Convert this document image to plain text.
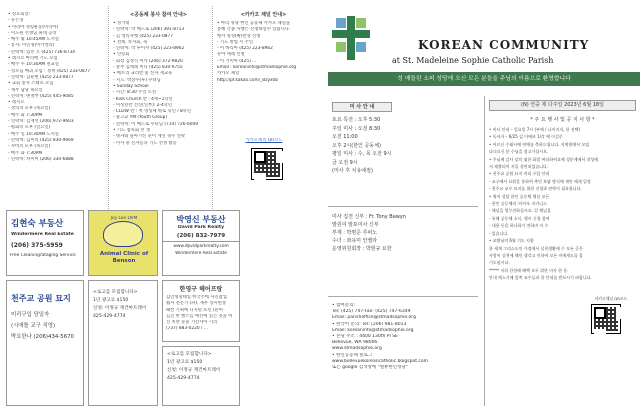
• 성모회장:
- 유은경
• 미리아 성령운동(미리아)
- 미도원 선생님 휴대 공의
- 매주 월 10:45AM 도서실
- 봉사: 이연정(미카엘라)
- 연락처: 임민 오 (425) 736-8734
• 레지오 마리애 기도 모임
- 매주 수 10:30AM 친교실
- 성모님 매괴 모임 : 정재 (425) 233-0877
- 연락처: 김순현 (425) 233-0877
• 교회 봉사 스태프 모임
- 재무 담당 목요일
- 연락처: 변철부 (425) 445-9085
• 레지오
- 정의의 모후 (목요일)
- 매주 화 7:30PM
- 연락처: 김재선 (206) 972-9603
- 평화의 모후 (일요일)
- 매주 일 10:30AM 도서실
- 연락처: 김미라 (425) 830-9669
- 자비의 모후 (목요일)
- 매주 화 7:30PM
- 연락처: 차미미 (206) 330-6888
<공동체 봉사 참여 안내>
• 성가대
- 연락처: 박 베드로 (206) 391-8713
- 김 엘리자벳 (425) 233-0877
• 전례, 복사회, 독
- 연락처: 박 루이사 (425) 223-8962
• 연령회
- 회장 김정석 미카 (206) 372-9820
- 총무 김세레 미디 (425) 830-9755
• 메트리 교리반 및 신자 재교육
- 지도: 박상수(루) 수녀님
• Sunday School
- 시간: 8:30 주일 오전
- Kids Church 반 : 4세~1학년
- 미성년반 견진(일부): 2-4학년
- CLDW 반 : 첫 영성체 바로 학년 / 8학년
- 중고교 YM (Youth Group)
- 연락처: 이 베드로 수녀님 (714) 726-6009
• 기도 침묵회 선 생
- 병자와 돌아가신 분이 계신 경우 연락
- 미사 중 신자들과 기도 선생 활동
<카카오 채널 안내>
• 마리 성당 한인 공동체 카카오 채널을
통해 각종 사행은 신청하실수 있습니다.
행사 영성(확)완성 신청
- 기도 방법 시 주일
- 이 바리아 (425) 223-8962
유아 세례 신청
- 이 거미아 (425) ...
Email : koreaninfo@stmadsophie.org
카카오 채널
http://pf.kakao.com/_Bzyx0b
카카오채널 QR코드
김현숙 부동산
Windermere Real Estate
(206) 375-5959
Free Cleaning/Staging Service
Joy Lee DVM
Animal Clinic of Benson
박영신 부동산
David Park Realty
(206) 832-7979
www.dpvidparkrealty.com
Windermere Real Estate
천주교 공원 묘지
미리구입 당일자
(시애틀 교구 직영)
박요한나 (206)434-5670
<로고를 모집합니다>
1년 광고료 $150
신청: 이정규 재건마트레이
425-429-4774
한영구 헤어프랑
김만정형태입 한국주에 사진잡업
월사 전문가 (파), 재무 상시현장
패션 기획에 디지털 프린 (분여
김진 한 빨스를 에신에 있는 것을 여
산 치란 눈물 기간사이 기리
(737) 883-0220 / ...
<로고를 모집합니다>
1년 광고료 $150
신청: 이정규 재건마트레이
425-429-4774
KOREAN COMMUNITY
at St. Madeleine Sophie Catholic Parish
성 매들린 소피 성당에 오신 모든 분들을 주님의 이름으로 환영합니다
미 사 안 내
토요 특전 : 오후 5:30
주일 미사 : 오전 8:30
오전 11:00
오후 2시(한인 공동체)
평일 미사 : 수, 목 오전 9시
금 오전 9시
(미사 후 치유예절)
미사 집전 신부 : Fr. Tony Bawyn
발원여 말포미사 신부
부제 : 박명준 루퍼노
수녀 : 좌유미 안젤라
운영위원회장 : 박현규 요한
• 참여문의:
Tel: (425) 747-Fax: (425) 747-6349
Email: parishoffice@stmadsophie.org
• 한국어 문의: Tel: (206) 981-8013
Email: koreaninfo@stmadsophie.org
• 본당 주소 : 4400 130th Pl SE
Bellevue, WA 98006
www.stmadsophie.org
• 한인공동체 블로그
www.bellevuekoreancatholic.blogspot.com
또는 google 검색창에 "벨뷰한인성당"
(N) 연중 제 다주일 2023년 6월 18일
* 주 요 행 사 및 공 지 사 항 *
• 미사 안내 – 일요일 7시 (부에 / 나이지지, 한 선택)
• 독서자 – 6/25 김 이에즈 1/각 에 이걸문
• 어르신 수태시에 연예를 축하드립니다. 지역원에서 모임
다녀오신 분 수님을 참고가십시오.
• 주님께 감사 강의 염한 화멀 여러하여요에 성분게에서 작성에
서 제출되어 지킬 성인되었습니다.
• 천주교 공원 묘지 미리 구입 안내
- 교구에서 묘원을 통하여 추민 보답 방식에 제안 에게 일정
- 천주교 교우 묘지를 위한 신청과 연락이 필요합니다.
• 영어 성당 한인 공동체 채널 모든
- 한인 공동체의 '카카오 지키니스
- 채널을 업무진하십시요. 일 채널을
- 통해 공동체 소식, 행사 신청 참여
- 내용 등을 하나하기 전하며 자 수
- 있습니다.
• 교황님의 6월 기도 지향
한 세계 그리스도인 가정에서 실천생활에 수 모든 곳은
사람이 실천에 해인 생각고 인하여 모든 이에게도를 몸
기도합시다.
***** 저희 한성에 혜택 모두 위한 미사 한 분.
안내 메스기에 앞쪽 교우들과 할 안내를 받으시기 바랍니다.
카카오채널 QR코드
